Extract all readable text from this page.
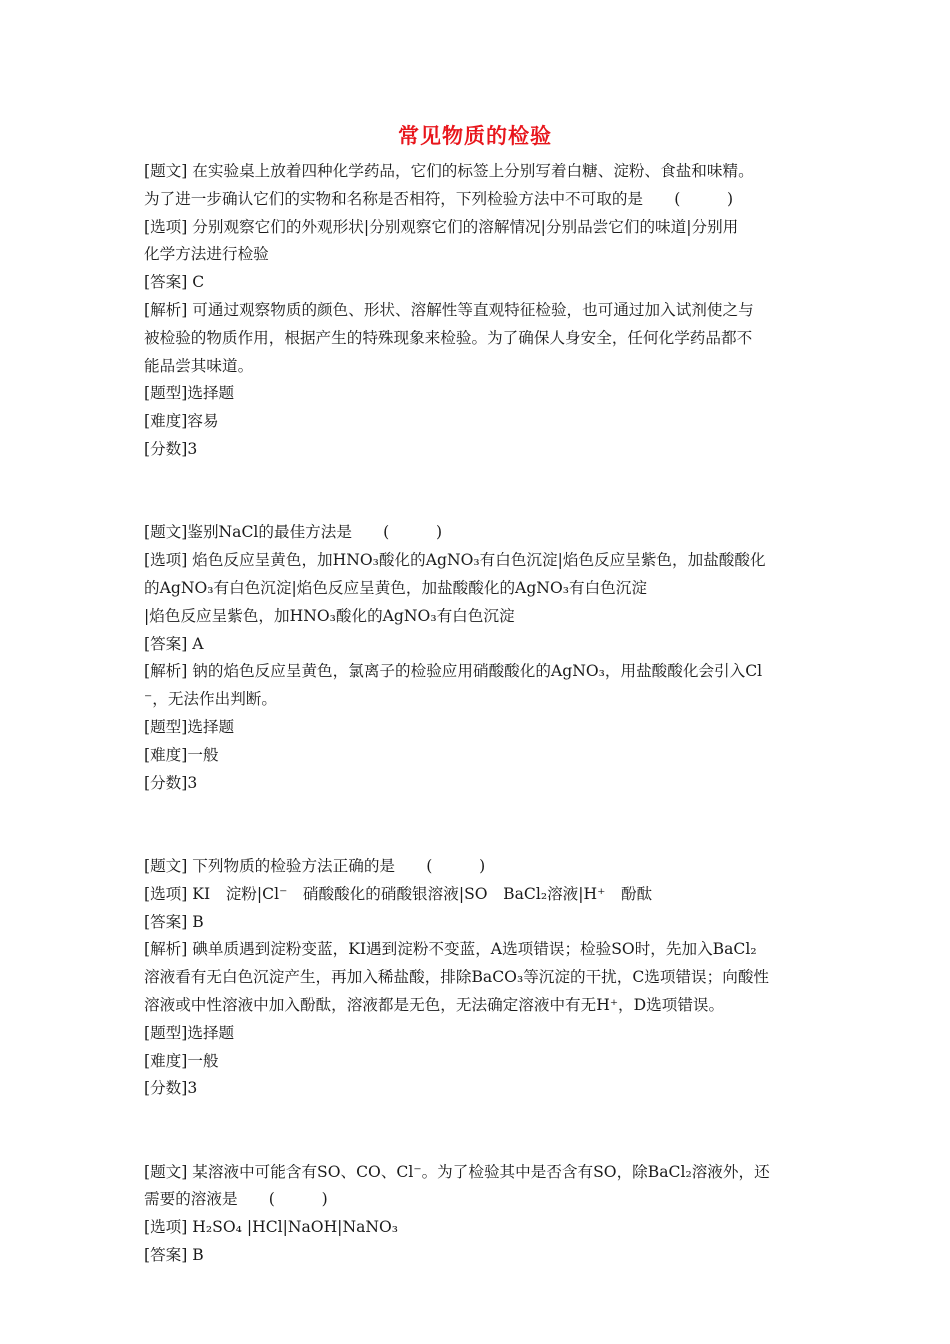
常见物质的检验
[题文] 在实验桌上放着四种化学药品，它们的标签上分别写着白糖、淀粉、食盐和味精。
为了进一步确认它们的实物和名称是否相符，下列检验方法中不可取的是　　(　　　)
[选项] 分别观察它们的外观形状|分别观察它们的溶解情况|分别品尝它们的味道|分别用
化学方法进行检验
[答案] C
[解析] 可通过观察物质的颜色、形状、溶解性等直观特征检验，也可通过加入试剂使之与
被检验的物质作用，根据产生的特殊现象来检验。为了确保人身安全，任何化学药品都不
能品尝其味道。
[题型]选择题
[难度]容易
[分数]3
[题文]鉴别NaCl的最佳方法是　　(　　　)
[选项] 焰色反应呈黄色，加HNO₃酸化的AgNO₃有白色沉淀|焰色反应呈紫色，加盐酸酸化
的AgNO₃有白色沉淀|焰色反应呈黄色，加盐酸酸化的AgNO₃有白色沉淀
|焰色反应呈紫色，加HNO₃酸化的AgNO₃有白色沉淀
[答案] A
[解析] 钠的焰色反应呈黄色，氯离子的检验应用硝酸酸化的AgNO₃，用盐酸酸化会引入Cl
⁻，无法作出判断。
[题型]选择题
[难度]一般
[分数]3
[题文] 下列物质的检验方法正确的是　　(　　　)
[选项] KI　淀粉|Cl⁻　硝酸酸化的硝酸银溶液|SO　BaCl₂溶液|H⁺　酚酞
[答案] B
[解析] 碘单质遇到淀粉变蓝，KI遇到淀粉不变蓝，A选项错误；检验SO时，先加入BaCl₂
溶液看有无白色沉淀产生，再加入稀盐酸，排除BaCO₃等沉淀的干扰，C选项错误；向酸性
溶液或中性溶液中加入酚酞，溶液都是无色，无法确定溶液中有无H⁺，D选项错误。
[题型]选择题
[难度]一般
[分数]3
[题文] 某溶液中可能含有SO、CO、Cl⁻。为了检验其中是否含有SO，除BaCl₂溶液外，还
需要的溶液是　　(　　　)
[选项] H₂SO₄ |HCl|NaOH|NaNO₃
[答案] B
